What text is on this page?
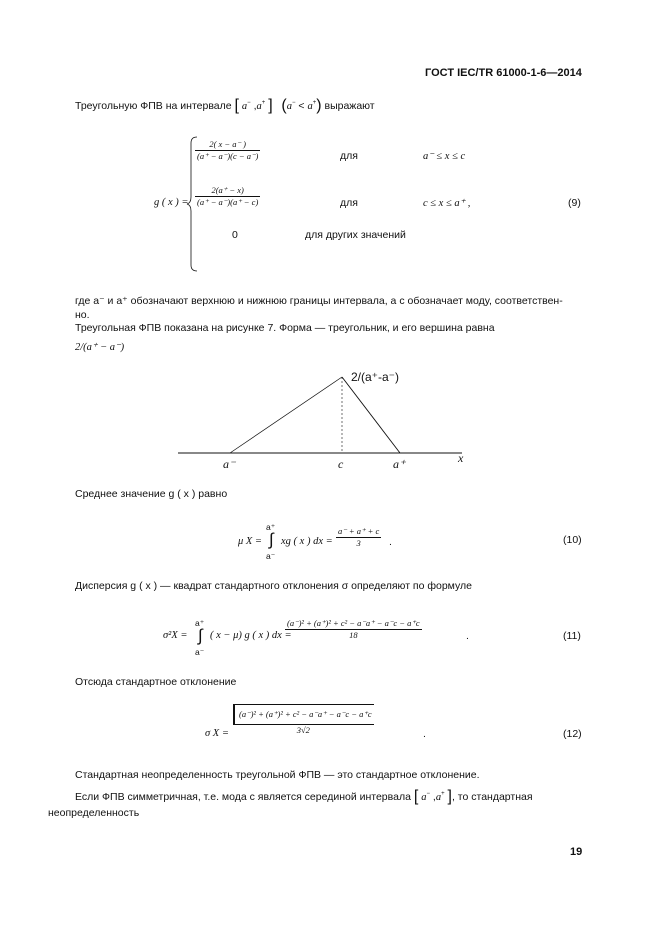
ГОСТ IEC/TR 61000-1-6—2014
Треугольную ФПВ на интервале [ a− ,a+ ] (a− < a+) выражают
g ( x ) =
$\frac{2( x - a^- )}{(a^+ - a^-)(c - a^-)}$	для	a⁻ ≤ x ≤ c
$\frac{2(a^+ - x)}{(a^+ - a^-)(a^+ - c)}$	для	c ≤ x ≤ a⁺ ,	(9)
0	для других значений
где a⁻ и a⁺ обозначают верхнюю и нижнюю границы интервала, а c обозначает моду, соответствен-
но.
Треугольная ФПВ показана на рисунке 7. Форма — треугольник, и его вершина равна
2/(a⁺ − a⁻)
2/(a⁺-a⁻)
x
a⁻	c	a⁺
Среднее значение g ( x ) равно
a⁺
a⁻
μ X = ∫ xg ( x ) dx = $\frac{a^- + a^+ + c}{3}$ .	(10)
Дисперсия g ( x ) — квадрат стандартного отклонения σ определяют по формуле
σ²X =
a⁺
a⁻
∫ ( x − μ) g ( x ) dx =
$\frac{\text{(a⁻)² + (a⁺)² + c² − a⁻a⁺ − a⁻c − a⁺c}}{18}$	.	(11)
Отсюда стандартное отклонение
σ $X = \frac{\text{(a⁻)² + (a⁺)² + c² − a⁻a⁺ − a⁻c − a⁺c}}{3√2}$	.	(12)
Стандартная неопределенность треугольной ФПВ — это стандартное отклонение.
Если ФПВ симметричная, т.е. мода c является серединой интервала [ a− ,a+ ], то стандартная
неопределенность
19
